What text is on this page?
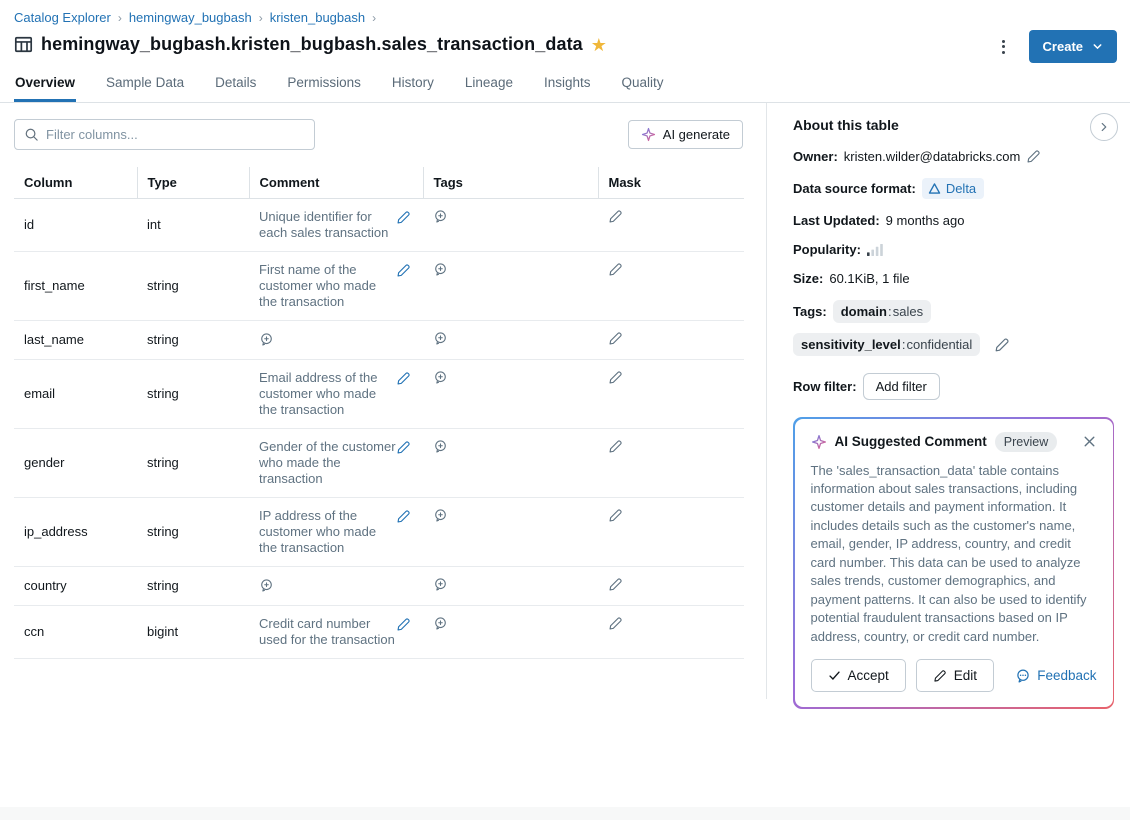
Catalog Explorer › hemingway_bugbash › kristen_bugbash ›
hemingway_bugbash.kristen_bugbash.sales_transaction_data ★	Create
Overview Sample Data Details Permissions History Lineage Insights Quality
Filter columns...
AI generate
Column	Type	Comment	Tags	Mask
id	int	Unique identifier for each sales transaction

first_name	string	First name of the customer who made the transaction

last_name	string	

email	string	Email address of the customer who made the transaction

gender	string	Gender of the customer who made the transaction

ip_address	string	IP address of the customer who made the transaction

country	string	

ccn	bigint	Credit card number used for the transaction

About this table
Owner: kristen.wilder@databricks.com
Data source format: Delta
Last Updated: 9 months ago
Popularity:
Size: 60.1KiB, 1 file
Tags:	domain : sales
sensitivity_level : confidential
Row filter:	Add filter
AI Suggested Comment	Preview
The 'sales_transaction_data' table contains information about sales transactions, including customer details and payment information. It includes details such as the customer's name, email, gender, IP address, country, and credit card number. This data can be used to analyze sales trends, customer demographics, and payment patterns. It can also be used to identify potential fraudulent transactions based on IP address, country, or credit card number.
Accept	Edit	Feedback
